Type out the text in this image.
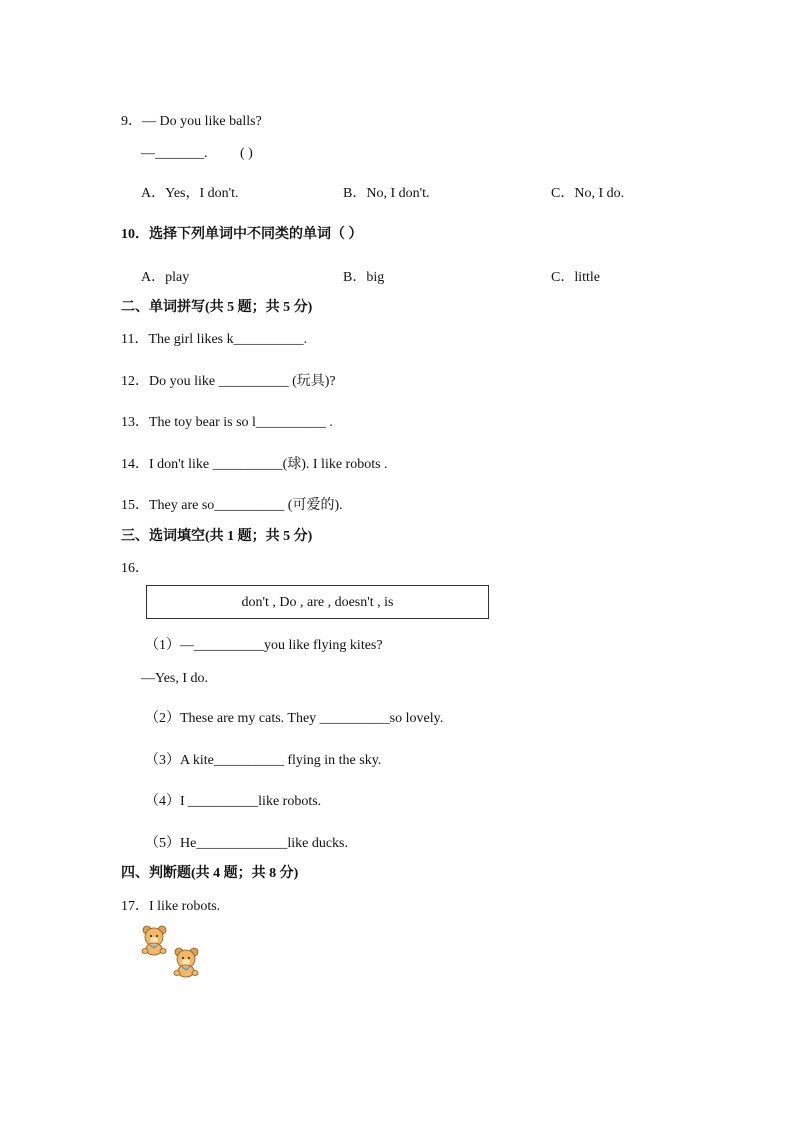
9．— Do you like balls?
—_______. ( )
A．Yes，I don't.	B．No, I don't.	C．No, I do.
10．选择下列单词中不同类的单词（ ）
A．play	B．big	C．little
二、单词拼写(共 5 题；共 5 分)
11．The girl likes k__________.
12．Do you like __________ (玩具)?
13．The toy bear is so l__________ .
14．I don't like __________(球). I like robots .
15．They are so__________ (可爱的).
三、选词填空(共 1 题；共 5 分)
16．
don't , Do , are , doesn't , is
（1）—__________you like flying kites?
—Yes, I do.
（2）These are my cats. They __________so lovely.
（3）A kite__________ flying in the sky.
（4）I __________like robots.
（5）He_____________like ducks.
四、判断题(共 4 题；共 8 分)
17．I like robots.
